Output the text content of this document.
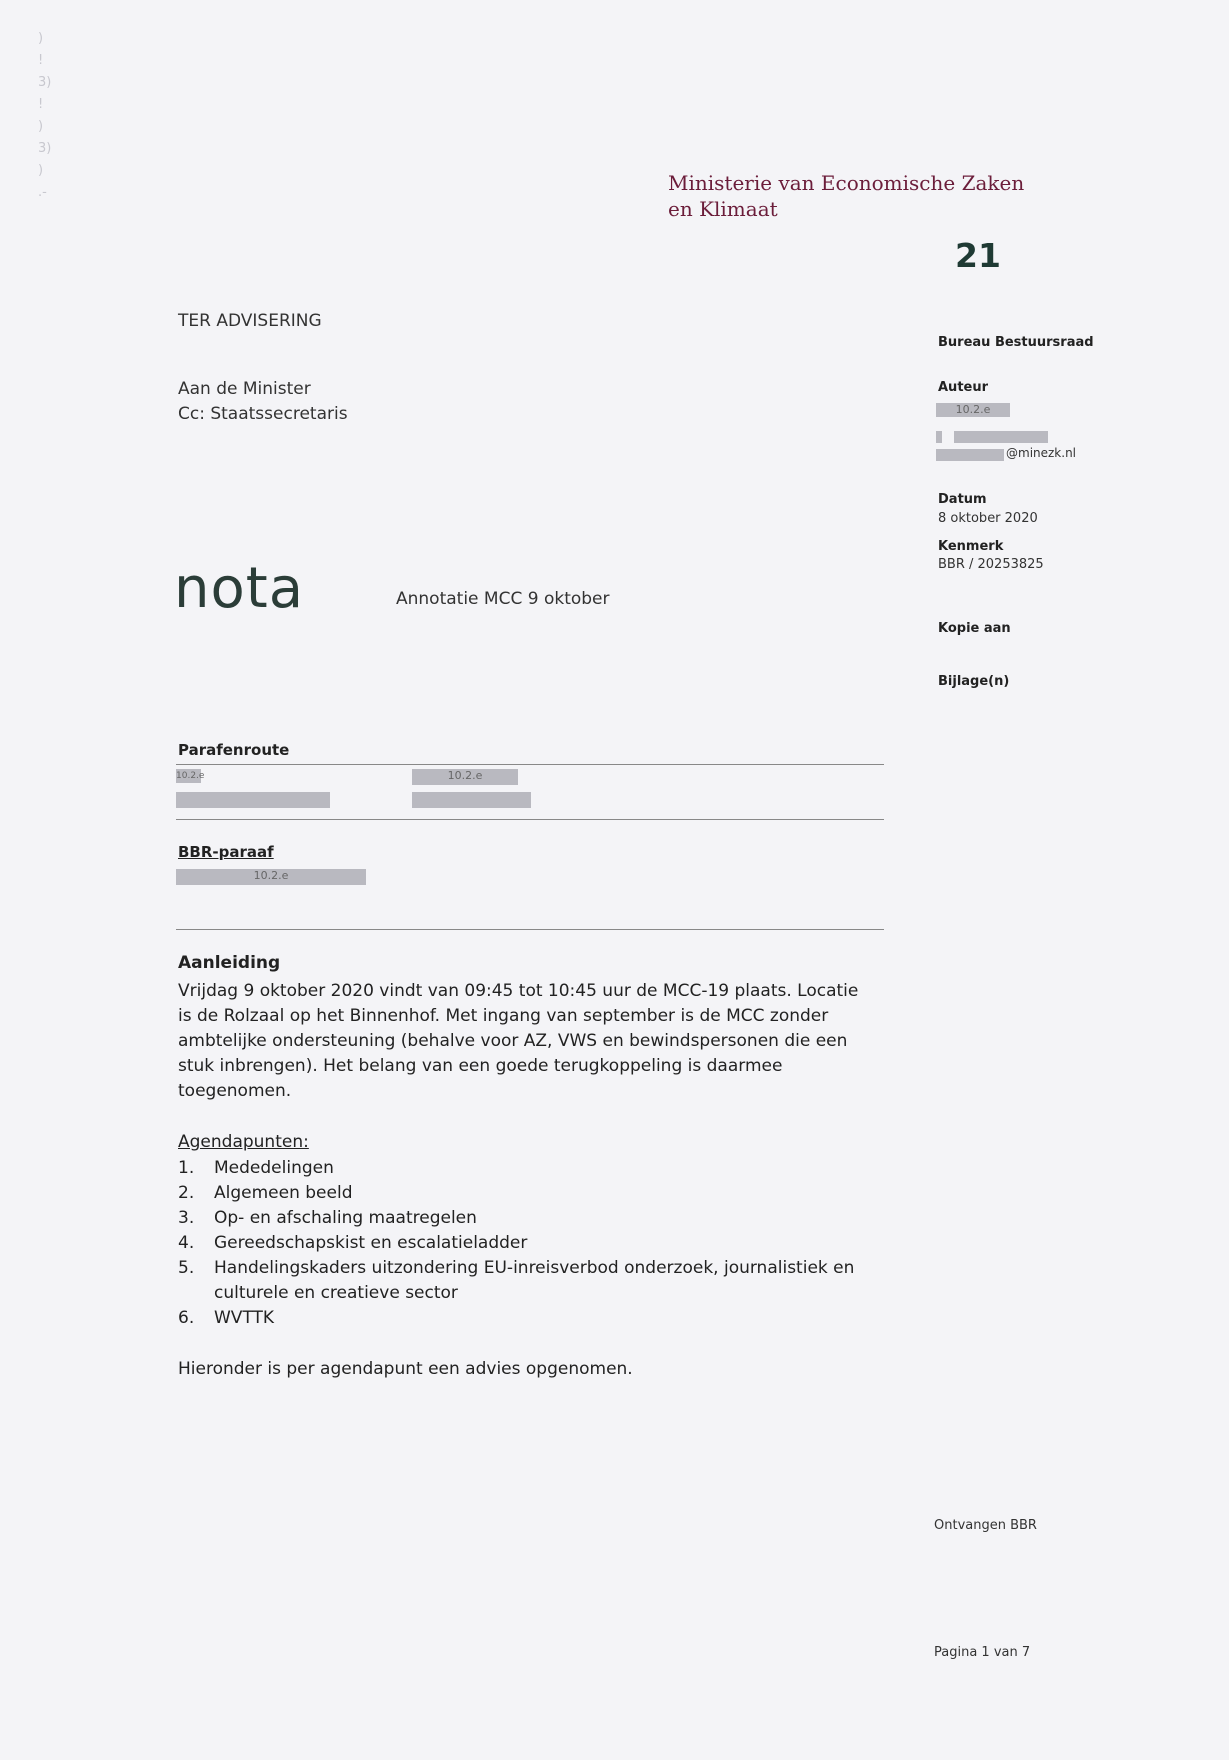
)
!
3)
!
)
3)
)
.-	Ministerie van Economische Zaken
en Klimaat
21
TER ADVISERING
Aan de Minister
Cc: Staatssecretaris
nota	Annotatie MCC 9 oktober
Bureau Bestuursraad
Auteur
10.2.e
@minezk.nl
Datum
8 oktober 2020
Kenmerk
BBR / 20253825
Kopie aan
Bijlage(n)
Parafenroute
10.2.e	10.2.e
BBR-paraaf
10.2.e
Aanleiding
Vrijdag 9 oktober 2020 vindt van 09:45 tot 10:45 uur de MCC-19 plaats. Locatie
is de Rolzaal op het Binnenhof. Met ingang van september is de MCC zonder
ambtelijke ondersteuning (behalve voor AZ, VWS en bewindspersonen die een
stuk inbrengen). Het belang van een goede terugkoppeling is daarmee
toegenomen.
Agendapunten:
1. Mededelingen
2. Algemeen beeld
3. Op- en afschaling maatregelen
4. Gereedschapskist en escalatieladder
5. Handelingskaders uitzondering EU-inreisverbod onderzoek, journalistiek en culturele en creatieve sector
6. WVTTK
Hieronder is per agendapunt een advies opgenomen.
Ontvangen BBR
Pagina 1 van 7
